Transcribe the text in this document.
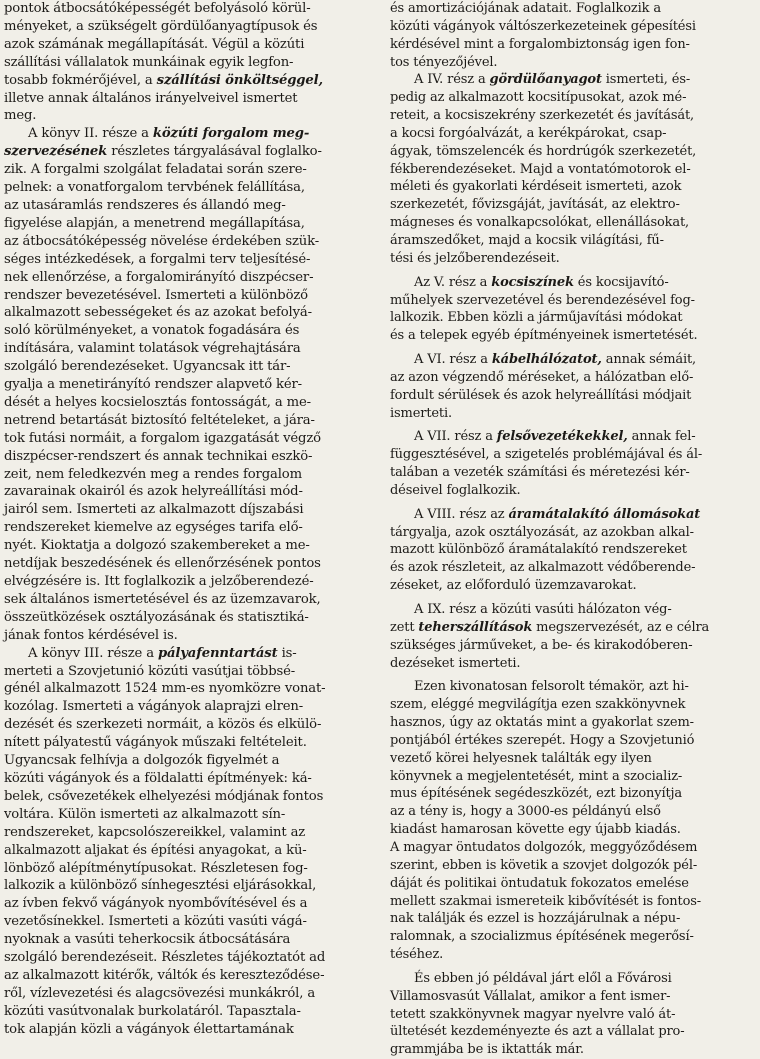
pontok átbocsátóképességét befolyásoló körül-
ményeket, a szükségelt gördülőanyagtípusok és
azok számának megállapítását. Végül a közúti
szállítási vállalatok munkáinak egyik legfon-
tosabb fokmérőjével, a szállítási önköltséggel,
illetve annak általános irányelveivel ismertet
meg.
A könyv II. része a közúti forgalom meg-
szervezésének részletes tárgyalásával foglalko-
zik. A forgalmi szolgálat feladatai során szere-
pelnek: a vonatforgalom tervbének felállítása,
az utasáramlás rendszeres és állandó meg-
figyelése alapján, a menetrend megállapítása,
az átbocsátóképesség növelése érdekében szük-
séges intézkedések, a forgalmi terv teljesítésé-
nek ellenőrzése, a forgalomirányító diszpécser-
rendszer bevezetésével. Ismerteti a különböző
alkalmazott sebességeket és az azokat befolyá-
soló körülményeket, a vonatok fogadására és
indítására, valamint tolatások végrehajtására
szolgáló berendezéseket. Ugyancsak itt tár-
gyalja a menetirányító rendszer alapvető kér-
dését a helyes kocsielosztás fontosságát, a me-
netrend betartását biztosító feltételeket, a jára-
tok futási normáit, a forgalom igazgatását végző
diszpécser-rendszert és annak technikai eszkö-
zeit, nem feledkezvén meg a rendes forgalom
zavarainak okairól és azok helyreállítási mód-
jairól sem. Ismerteti az alkalmazott díjszabási
rendszereket kiemelve az egységes tarifa elő-
nyét. Kioktatja a dolgozó szakembereket a me-
netdíjak beszedésének és ellenőrzésének pontos
elvégzésére is. Itt foglalkozik a jelzőberendezé-
sek általános ismertetésével és az üzemzavarok,
összeütközések osztályozásának és statisztiká-
jának fontos kérdésével is.
A könyv III. része a pályafenntartást is-
merteti a Szovjetunió közúti vasútjai többsé-
génél alkalmazott 1524 mm-es nyomközre vonat-
kozólag. Ismerteti a vágányok alaprajzi elren-
dezését és szerkezeti normáit, a közös és elkülö-
nített pályatestű vágányok műszaki feltételeit.
Ugyancsak felhívja a dolgozók figyelmét a
közúti vágányok és a földalatti építmények: ká-
belek, csővezetékek elhelyezési módjának fontos
voltára. Külön ismerteti az alkalmazott sín-
rendszereket, kapcsolószereikkel, valamint az
alkalmazott aljakat és építési anyagokat, a kü-
lönböző alépítménytípusokat. Részletesen fog-
lalkozik a különböző sínhegesztési eljárásokkal,
az ívben fekvő vágányok nyombővítésével és a
vezetősínekkel. Ismerteti a közúti vasúti vágá-
nyoknak a vasúti teherkocsik átbocsátására
szolgáló berendezéseit. Részletes tájékoztatót ad
az alkalmazott kitérők, váltók és kereszteződése-
ről, vízlevezetési és alagcsövezési munkákról, a
közúti vasútvonalak burkolatáról. Tapasztala-
tok alapján közli a vágányok élettartamának
és amortizációjának adatait. Foglalkozik a
közúti vágányok váltószerkezeteinek gépesítési
kérdésével mint a forgalombiztonság igen fon-
tos tényezőjével.
A IV. rész a gördülőanyagot ismerteti, és-
pedig az alkalmazott kocsitípusokat, azok mé-
reteit, a kocsiszekrény szerkezetét és javítását,
a kocsi forgóalvázát, a kerékpárokat, csap-
ágyak, tömszelencék és hordrúgók szerkezetét,
fékberendezéseket. Majd a vontatómotorok el-
méleti és gyakorlati kérdéseit ismerteti, azok
szerkezetét, fővizsgáját, javítását, az elektro-
mágneses és vonalkapcsolókat, ellenállásokat,
áramszedőket, majd a kocsik világítási, fű-
tési és jelzőberendezéseit.
Az V. rész a kocsiszínek és kocsijavító-
műhelyek szervezetével és berendezésével fog-
lalkozik. Ebben közli a járműjavítási módokat
és a telepek egyéb építményeinek ismertetését.
A VI. rész a kábelhálózatot, annak sémáit,
az azon végzendő méréseket, a hálózatban elő-
fordult sérülések és azok helyreállítási módjait
ismerteti.
A VII. rész a felsővezetékekkel, annak fel-
függesztésével, a szigetelés problémájával és ál-
talában a vezeték számítási és méretezési kér-
déseivel foglalkozik.
A VIII. rész az áramátalakító állomásokat
tárgyalja, azok osztályozását, az azokban alkal-
mazott különböző áramátalakító rendszereket
és azok részleteit, az alkalmazott védőberende-
zéseket, az előforduló üzemzavarokat.
A IX. rész a közúti vasúti hálózaton vég-
zett teherszállítások megszervezését, az e célra
szükséges járműveket, a be- és kirakodóberen-
dezéseket ismerteti.
Ezen kivonatosan felsorolt témakör, azt hi-
szem, eléggé megvilágítja ezen szakkönyvnek
hasznos, úgy az oktatás mint a gyakorlat szem-
pontjából értékes szerepét. Hogy a Szovjetunió
vezető körei helyesnek találták egy ilyen
könyvnek a megjelentetését, mint a szocializ-
mus építésének segédeszközét, ezt bizonyítja
az a tény is, hogy a 3000-es példányú első
kiadást hamarosan követte egy újabb kiadás.
A magyar öntudatos dolgozók, meggyőződésem
szerint, ebben is követik a szovjet dolgozók pél-
dáját és politikai öntudatuk fokozatos emelése
mellett szakmai ismereteik kibővítését is fontos-
nak találják és ezzel is hozzájárulnak a népu-
ralomnak, a szocializmus építésének megerősí-
téséhez.
És ebben jó példával járt elől a Fővárosi
Villamosvasút Vállalat, amikor a fent ismer-
tetett szakkönyvnek magyar nyelvre való át-
ültetését kezdeményezte és azt a vállalat pro-
grammjába be is iktatták már.
